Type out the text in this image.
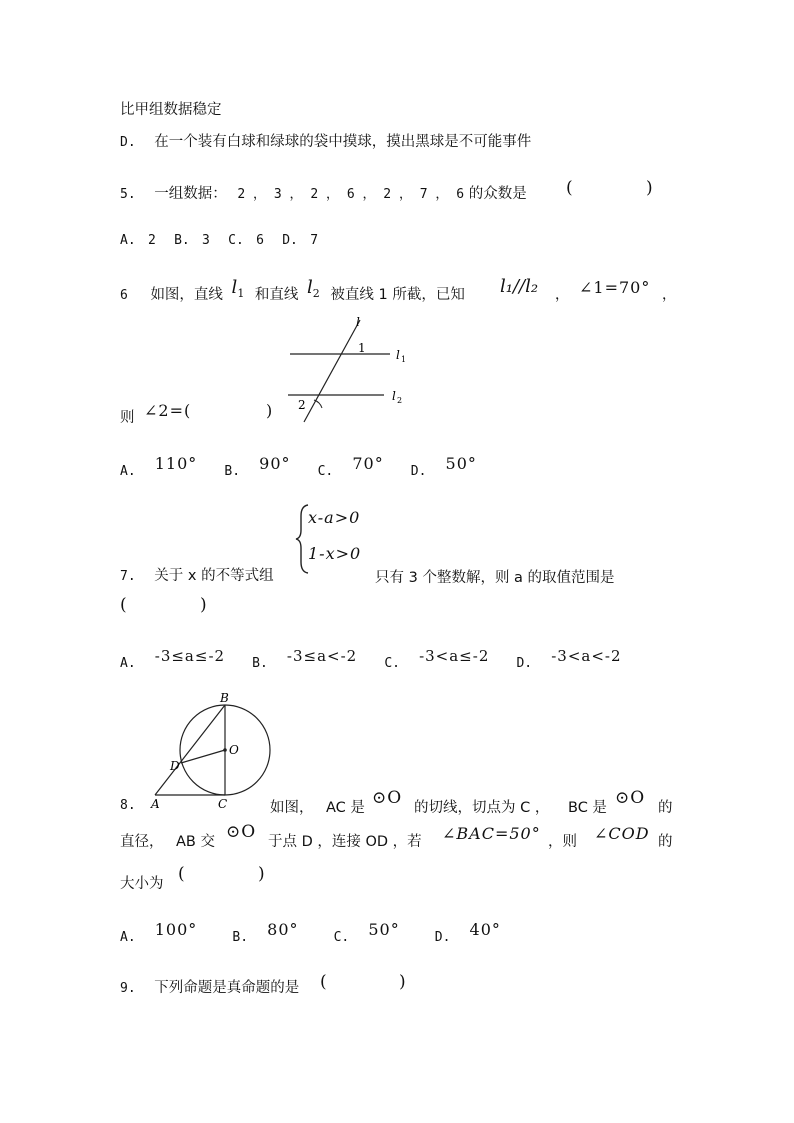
比甲组数据稳定
D. 在一个装有白球和绿球的袋中摸球，摸出黑球是不可能事件
5. 一组数据： 2 ， 3 ， 2 ， 6 ， 2 ， 7 ， 6 的众数是 (	)
A. 2 B. 3 C. 6 D. 7
6 如图，直线 $l_1$ 和直线 $l_2$ 被直线 1 所截，已知 l₁//l₂	∠1=70°
，	，
l
1	l 1
2
l 2
则 ∠2=(	)
$_{A.}$ 110° $_{B.}$ 90° $_{C.}$ 70° $_{D.}$ 50°
x-a>0
1-x>0
7. 关于 x 的不等式组	只有 3 个整数解，则 a 的取值范围是
(	)
$_{A.}$ -3≤a≤-2 $_{B.}$ -3≤a<-2 $_{C.}$ -3<a≤-2 $_{D.}$ -3<a<-2
B
O
D
A	C
8.	如图， AC 是 ⊙O 的切线，切点为 C ， BC 是 ⊙O 的
直径， AB 交 ⊙O 于点 D ，连接 OD ，若 ∠BAC=50° ，则 ∠COD 的
大小为 (	)
$_{A.}$ 100°	$_{B.}$ 80°	$_{C.}$ 50°	$_{D.}$ 40°
9. 下列命题是真命题的是 (	)
